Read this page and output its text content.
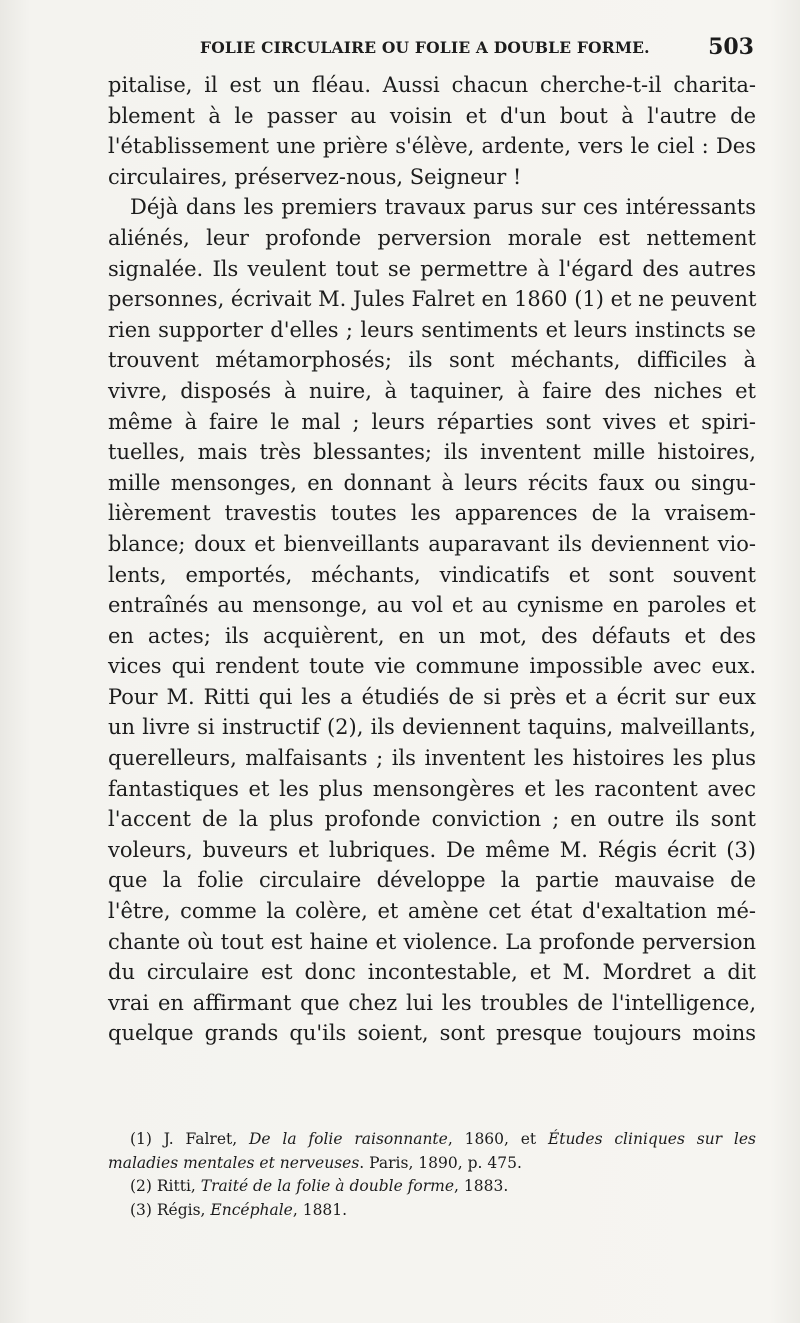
FOLIE CIRCULAIRE OU FOLIE A DOUBLE FORME.	503
pitalise, il est un fléau. Aussi chacun cherche-t-il charita-
blement à le passer au voisin et d'un bout à l'autre de
l'établissement une prière s'élève, ardente, vers le ciel : Des
circulaires, préservez-nous, Seigneur !
Déjà dans les premiers travaux parus sur ces intéressants
aliénés, leur profonde perversion morale est nettement
signalée. Ils veulent tout se permettre à l'égard des autres
personnes, écrivait M. Jules Falret en 1860 (1) et ne peuvent
rien supporter d'elles ; leurs sentiments et leurs instincts se
trouvent métamorphosés; ils sont méchants, difficiles à
vivre, disposés à nuire, à taquiner, à faire des niches et
même à faire le mal ; leurs réparties sont vives et spiri-
tuelles, mais très blessantes; ils inventent mille histoires,
mille mensonges, en donnant à leurs récits faux ou singu-
lièrement travestis toutes les apparences de la vraisem-
blance; doux et bienveillants auparavant ils deviennent vio-
lents, emportés, méchants, vindicatifs et sont souvent
entraînés au mensonge, au vol et au cynisme en paroles et
en actes; ils acquièrent, en un mot, des défauts et des
vices qui rendent toute vie commune impossible avec eux.
Pour M. Ritti qui les a étudiés de si près et a écrit sur eux
un livre si instructif (2), ils deviennent taquins, malveillants,
querelleurs, malfaisants ; ils inventent les histoires les plus
fantastiques et les plus mensongères et les racontent avec
l'accent de la plus profonde conviction ; en outre ils sont
voleurs, buveurs et lubriques. De même M. Régis écrit (3)
que la folie circulaire développe la partie mauvaise de
l'être, comme la colère, et amène cet état d'exaltation mé-
chante où tout est haine et violence. La profonde perversion
du circulaire est donc incontestable, et M. Mordret a dit
vrai en affirmant que chez lui les troubles de l'intelligence,
quelque grands qu'ils soient, sont presque toujours moins
(1) J. Falret, De la folie raisonnante, 1860, et Études cliniques sur les
maladies mentales et nerveuses. Paris, 1890, p. 475.
(2) Ritti, Traité de la folie à double forme, 1883.
(3) Régis, Encéphale, 1881.
